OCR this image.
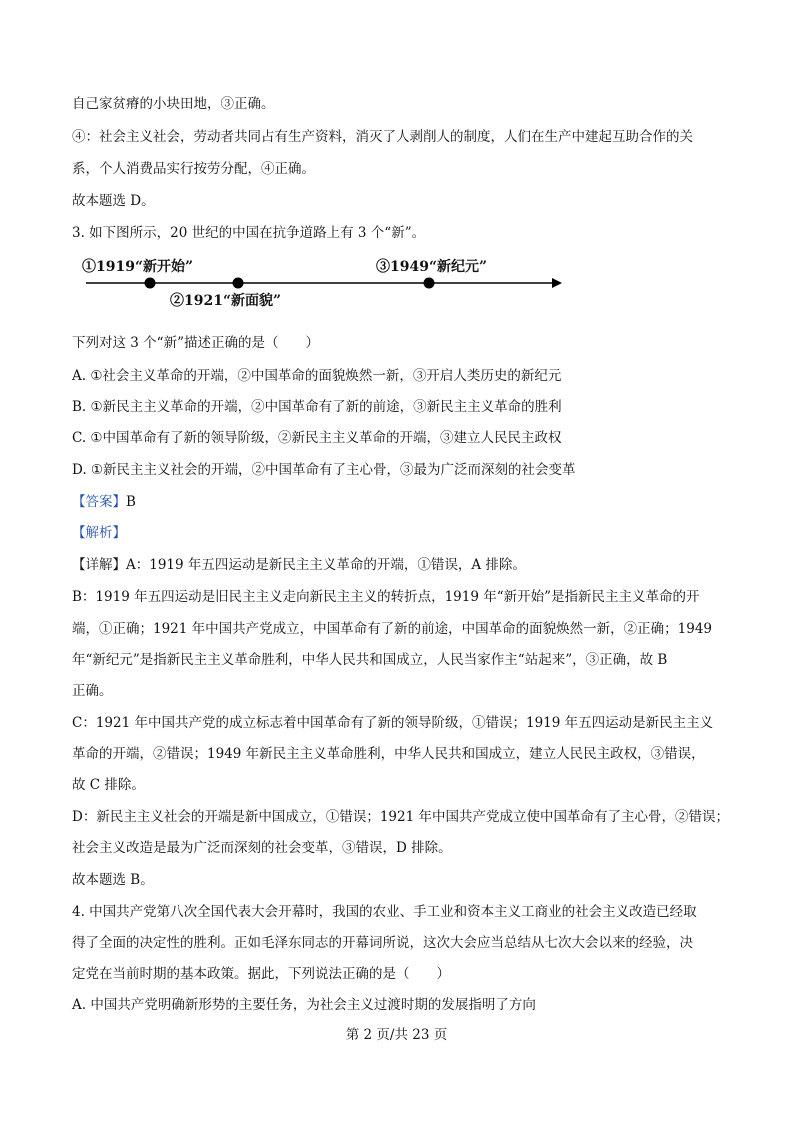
自己家贫瘠的小块田地，③正确。
④：社会主义社会，劳动者共同占有生产资料，消灭了人剥削人的制度，人们在生产中建起互助合作的关
系，个人消费品实行按劳分配，④正确。
故本题选 D。
3. 如下图所示，20 世纪的中国在抗争道路上有 3 个“新”。
①1919“新开始”
②1921“新面貌”
③1949“新纪元”
下列对这 3 个“新”描述正确的是（　　）
A. ①社会主义革命的开端，②中国革命的面貌焕然一新，③开启人类历史的新纪元
B. ①新民主主义革命的开端，②中国革命有了新的前途，③新民主主义革命的胜利
C. ①中国革命有了新的领导阶级，②新民主主义革命的开端，③建立人民民主政权
D. ①新民主主义社会的开端，②中国革命有了主心骨，③最为广泛而深刻的社会变革
【答案】B
【解析】
【详解】A：1919 年五四运动是新民主主义革命的开端，①错误，A 排除。
B：1919 年五四运动是旧民主主义走向新民主主义的转折点，1919 年“新开始”是指新民主主义革命的开
端，①正确；1921 年中国共产党成立，中国革命有了新的前途，中国革命的面貌焕然一新，②正确；1949
年“新纪元”是指新民主主义革命胜利，中华人民共和国成立，人民当家作主“站起来”，③正确，故 B
正确。
C：1921 年中国共产党的成立标志着中国革命有了新的领导阶级，①错误；1919 年五四运动是新民主主义
革命的开端，②错误；1949 年新民主主义革命胜利，中华人民共和国成立，建立人民民主政权，③错误，
故 C 排除。
D：新民主主义社会的开端是新中国成立，①错误；1921 年中国共产党成立使中国革命有了主心骨，②错误；
社会主义改造是最为广泛而深刻的社会变革，③错误，D 排除。
故本题选 B。
4. 中国共产党第八次全国代表大会开幕时，我国的农业、手工业和资本主义工商业的社会主义改造已经取
得了全面的决定性的胜利。正如毛泽东同志的开幕词所说，这次大会应当总结从七次大会以来的经验，决
定党在当前时期的基本政策。据此，下列说法正确的是（　　）
A. 中国共产党明确新形势的主要任务，为社会主义过渡时期的发展指明了方向
第 2 页/共 23 页
